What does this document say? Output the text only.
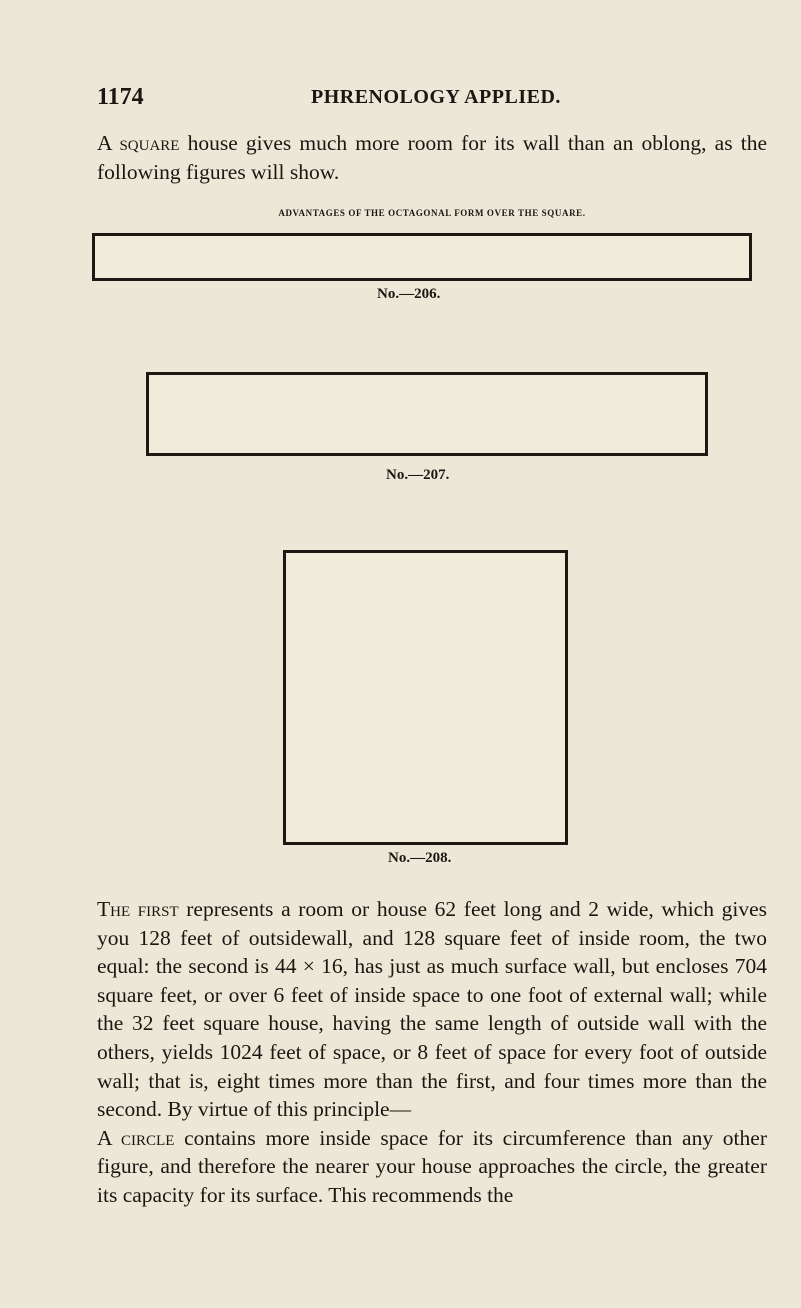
1174	PHRENOLOGY APPLIED.

A square house gives much more room for its wall than an oblong, as the following figures will show.

ADVANTAGES OF THE OCTAGONAL FORM OVER THE SQUARE.
No.—206.
No.—207.
No.—208.

The first represents a room or house 62 feet long and 2 wide, which gives you 128 feet of outsidewall, and 128 square feet of inside room, the two equal: the second is 44 × 16, has just as much surface wall, but encloses 704 square feet, or over 6 feet of inside space to one foot of external wall; while the 32 feet square house, having the same length of outside wall with the others, yields 1024 feet of space, or 8 feet of space for every foot of outside wall; that is, eight times more than the first, and four times more than the second. By virtue of this principle—

A circle contains more inside space for its circumference than any other figure, and therefore the nearer your house approaches the circle, the greater its capacity for its surface. This recommends the
